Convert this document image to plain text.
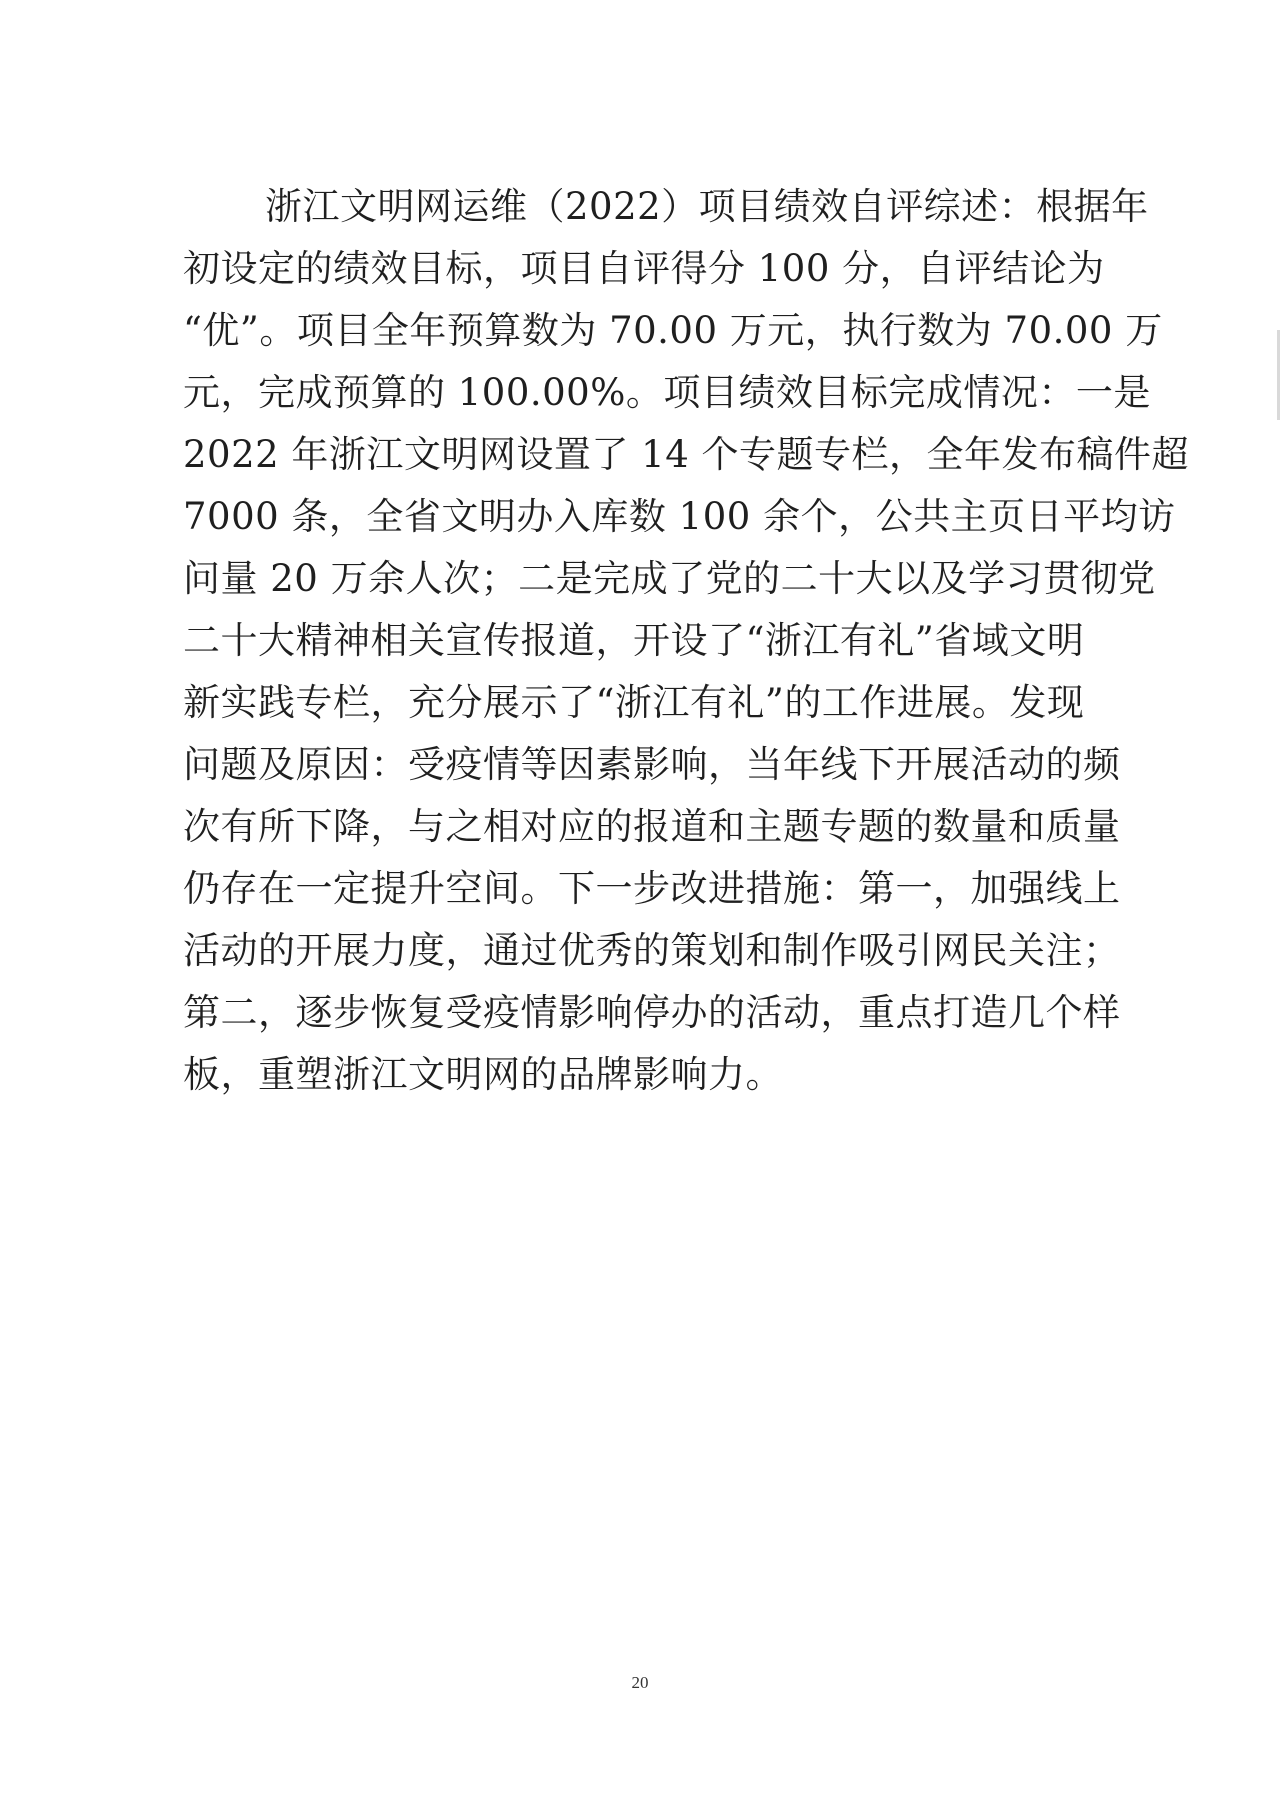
浙江文明网运维（2022）项目绩效自评综述：根据年
初设定的绩效目标，项目自评得分 100 分，自评结论为
“优”。项目全年预算数为 70.00 万元，执行数为 70.00 万
元，完成预算的 100.00%。项目绩效目标完成情况：一是
2022 年浙江文明网设置了 14 个专题专栏，全年发布稿件超
7000 条，全省文明办入库数 100 余个，公共主页日平均访
问量 20 万余人次；二是完成了党的二十大以及学习贯彻党
二十大精神相关宣传报道，开设了“浙江有礼”省域文明
新实践专栏，充分展示了“浙江有礼”的工作进展。发现
问题及原因：受疫情等因素影响，当年线下开展活动的频
次有所下降，与之相对应的报道和主题专题的数量和质量
仍存在一定提升空间。下一步改进措施：第一，加强线上
活动的开展力度，通过优秀的策划和制作吸引网民关注；
第二，逐步恢复受疫情影响停办的活动，重点打造几个样
板，重塑浙江文明网的品牌影响力。
20
